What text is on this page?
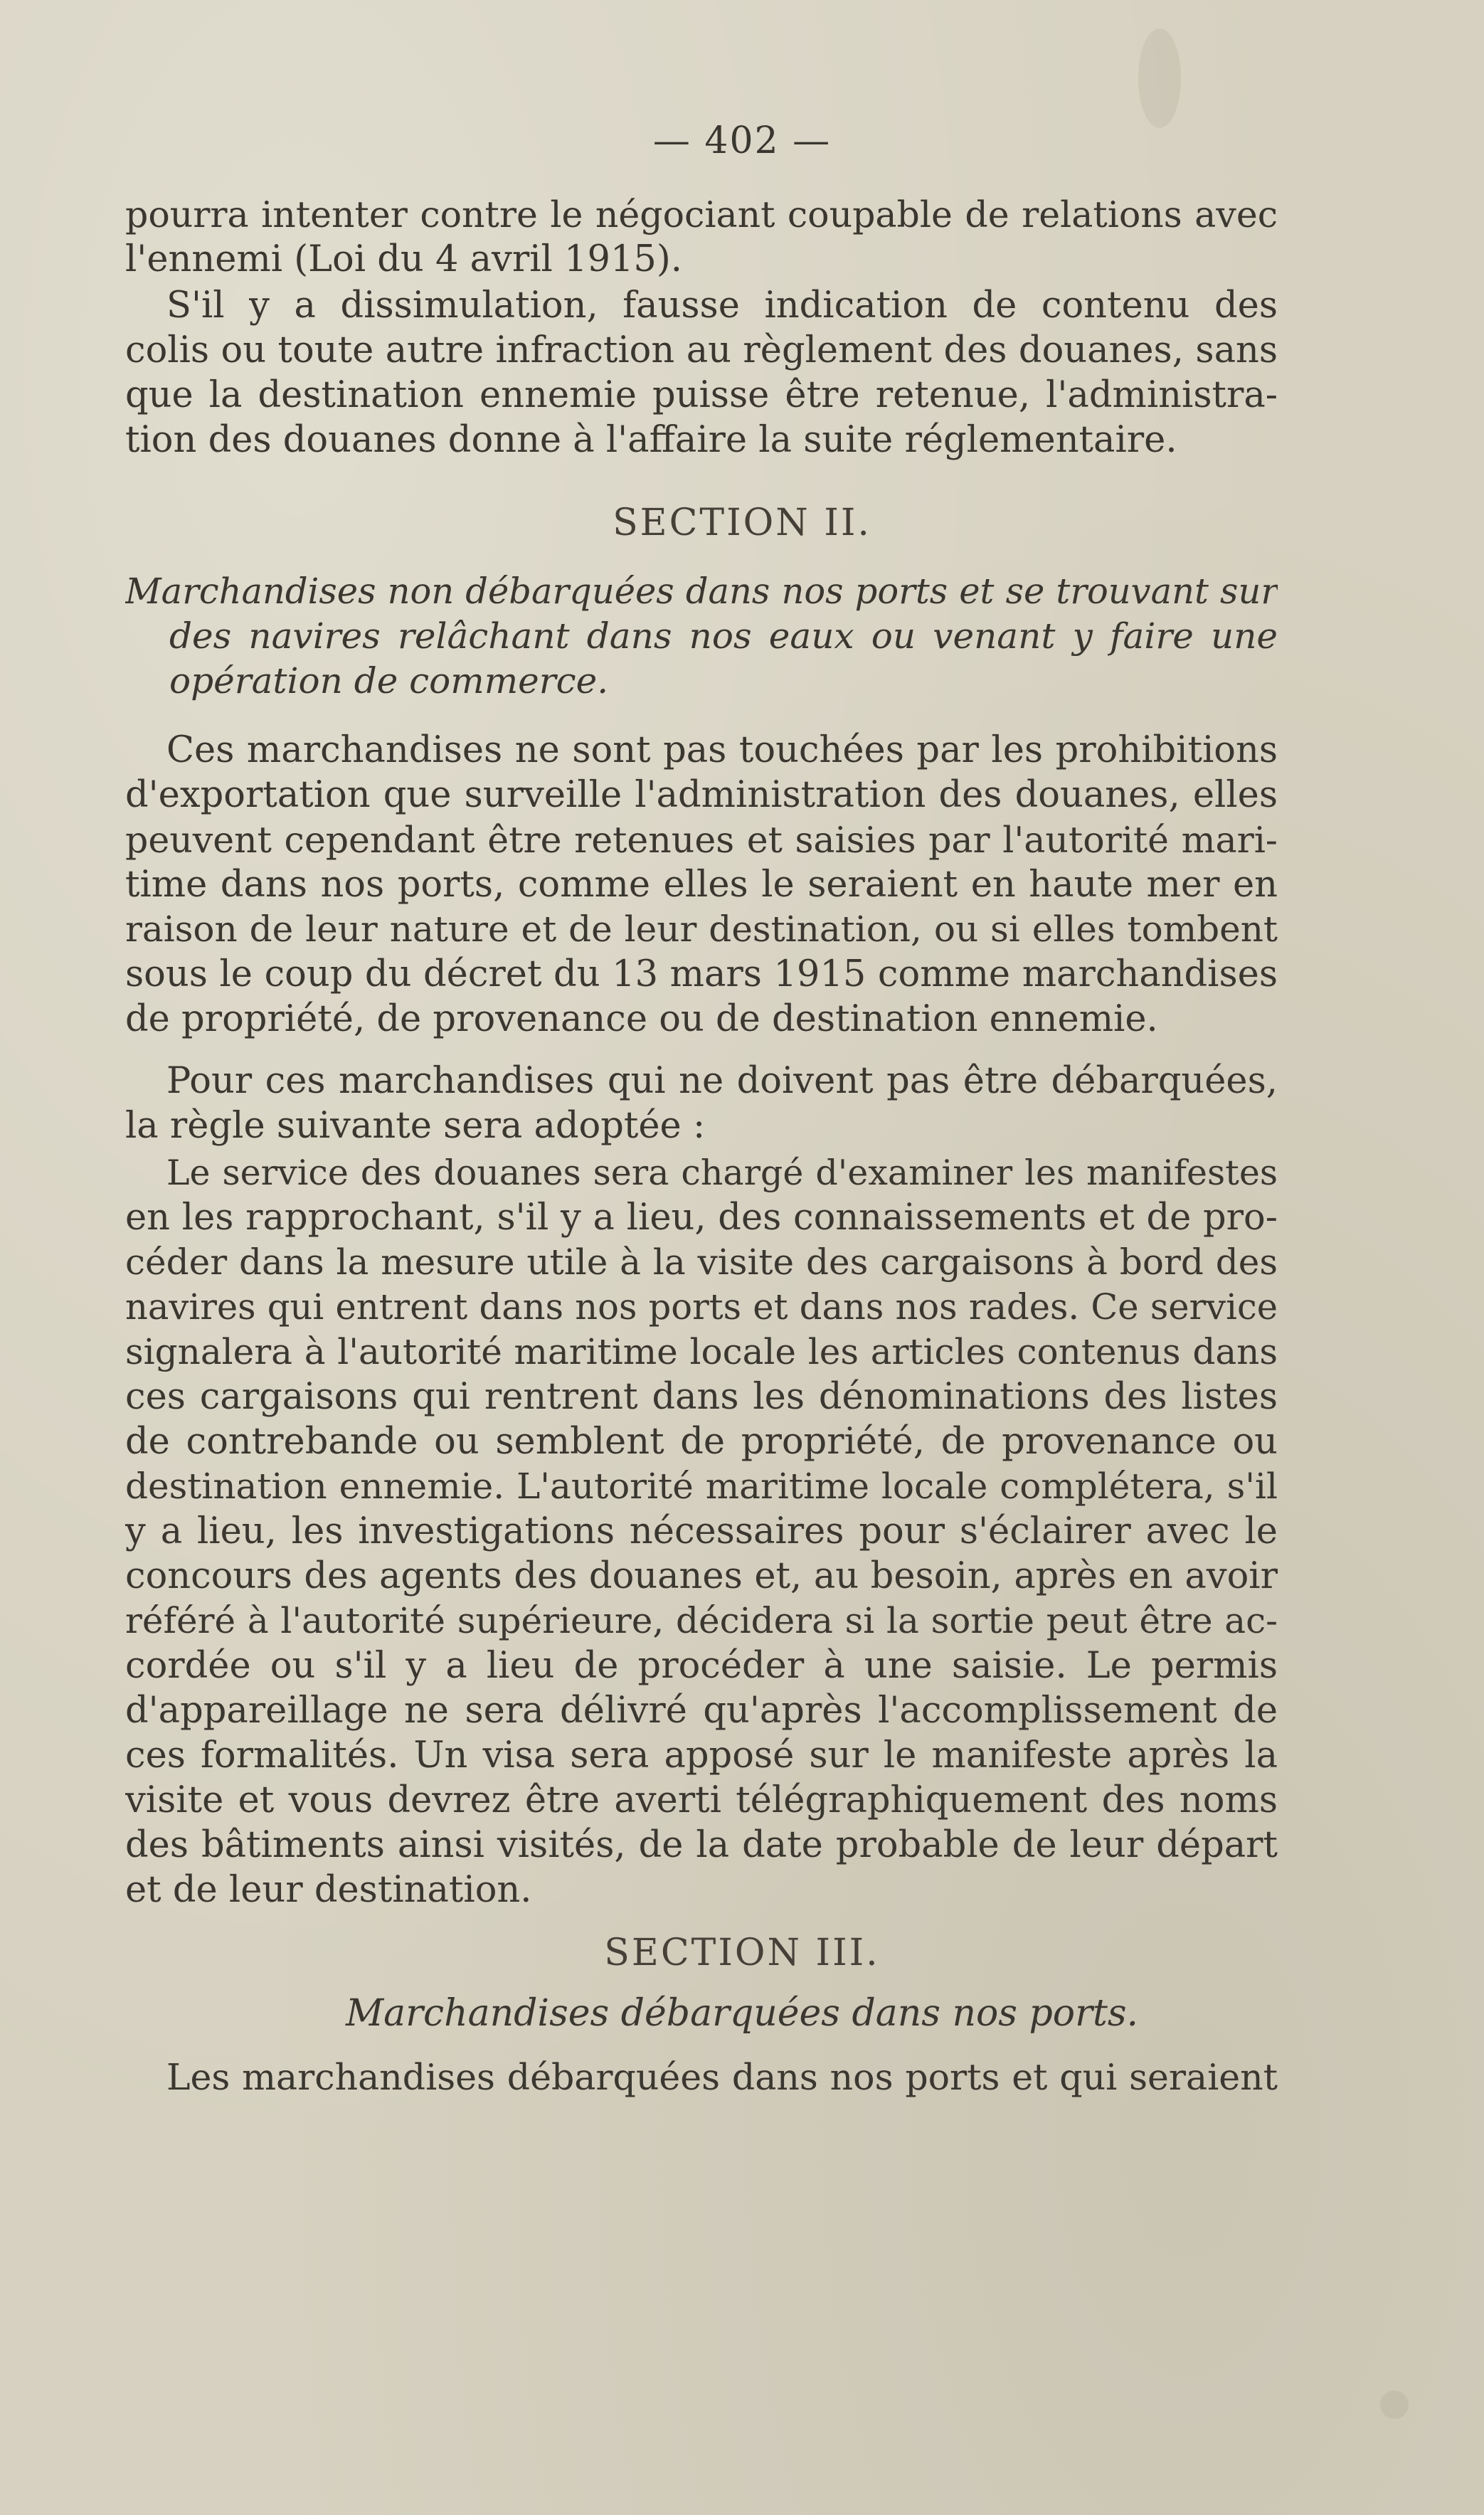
— 402 —
pourra intenter contre le négociant coupable de relations avec
l'ennemi (Loi du 4 avril 1915).
S'il y a dissimulation, fausse indication de contenu des
colis ou toute autre infraction au règlement des douanes, sans
que la destination ennemie puisse être retenue, l'administra-
tion des douanes donne à l'affaire la suite réglementaire.
SECTION II.
Marchandises non débarquées dans nos ports et se trouvant sur
des navires relâchant dans nos eaux ou venant y faire une
opération de commerce.
Ces marchandises ne sont pas touchées par les prohibitions
d'exportation que surveille l'administration des douanes, elles
peuvent cependant être retenues et saisies par l'autorité mari-
time dans nos ports, comme elles le seraient en haute mer en
raison de leur nature et de leur destination, ou si elles tombent
sous le coup du décret du 13 mars 1915 comme marchandises
de propriété, de provenance ou de destination ennemie.
Pour ces marchandises qui ne doivent pas être débarquées,
la règle suivante sera adoptée :
Le service des douanes sera chargé d'examiner les manifestes
en les rapprochant, s'il y a lieu, des connaissements et de pro-
céder dans la mesure utile à la visite des cargaisons à bord des
navires qui entrent dans nos ports et dans nos rades. Ce service
signalera à l'autorité maritime locale les articles contenus dans
ces cargaisons qui rentrent dans les dénominations des listes
de contrebande ou semblent de propriété, de provenance ou
destination ennemie. L'autorité maritime locale complétera, s'il
y a lieu, les investigations nécessaires pour s'éclairer avec le
concours des agents des douanes et, au besoin, après en avoir
référé à l'autorité supérieure, décidera si la sortie peut être ac-
cordée ou s'il y a lieu de procéder à une saisie. Le permis
d'appareillage ne sera délivré qu'après l'accomplissement de
ces formalités. Un visa sera apposé sur le manifeste après la
visite et vous devrez être averti télégraphiquement des noms
des bâtiments ainsi visités, de la date probable de leur départ
et de leur destination.
SECTION III.
Marchandises débarquées dans nos ports.
Les marchandises débarquées dans nos ports et qui seraient
